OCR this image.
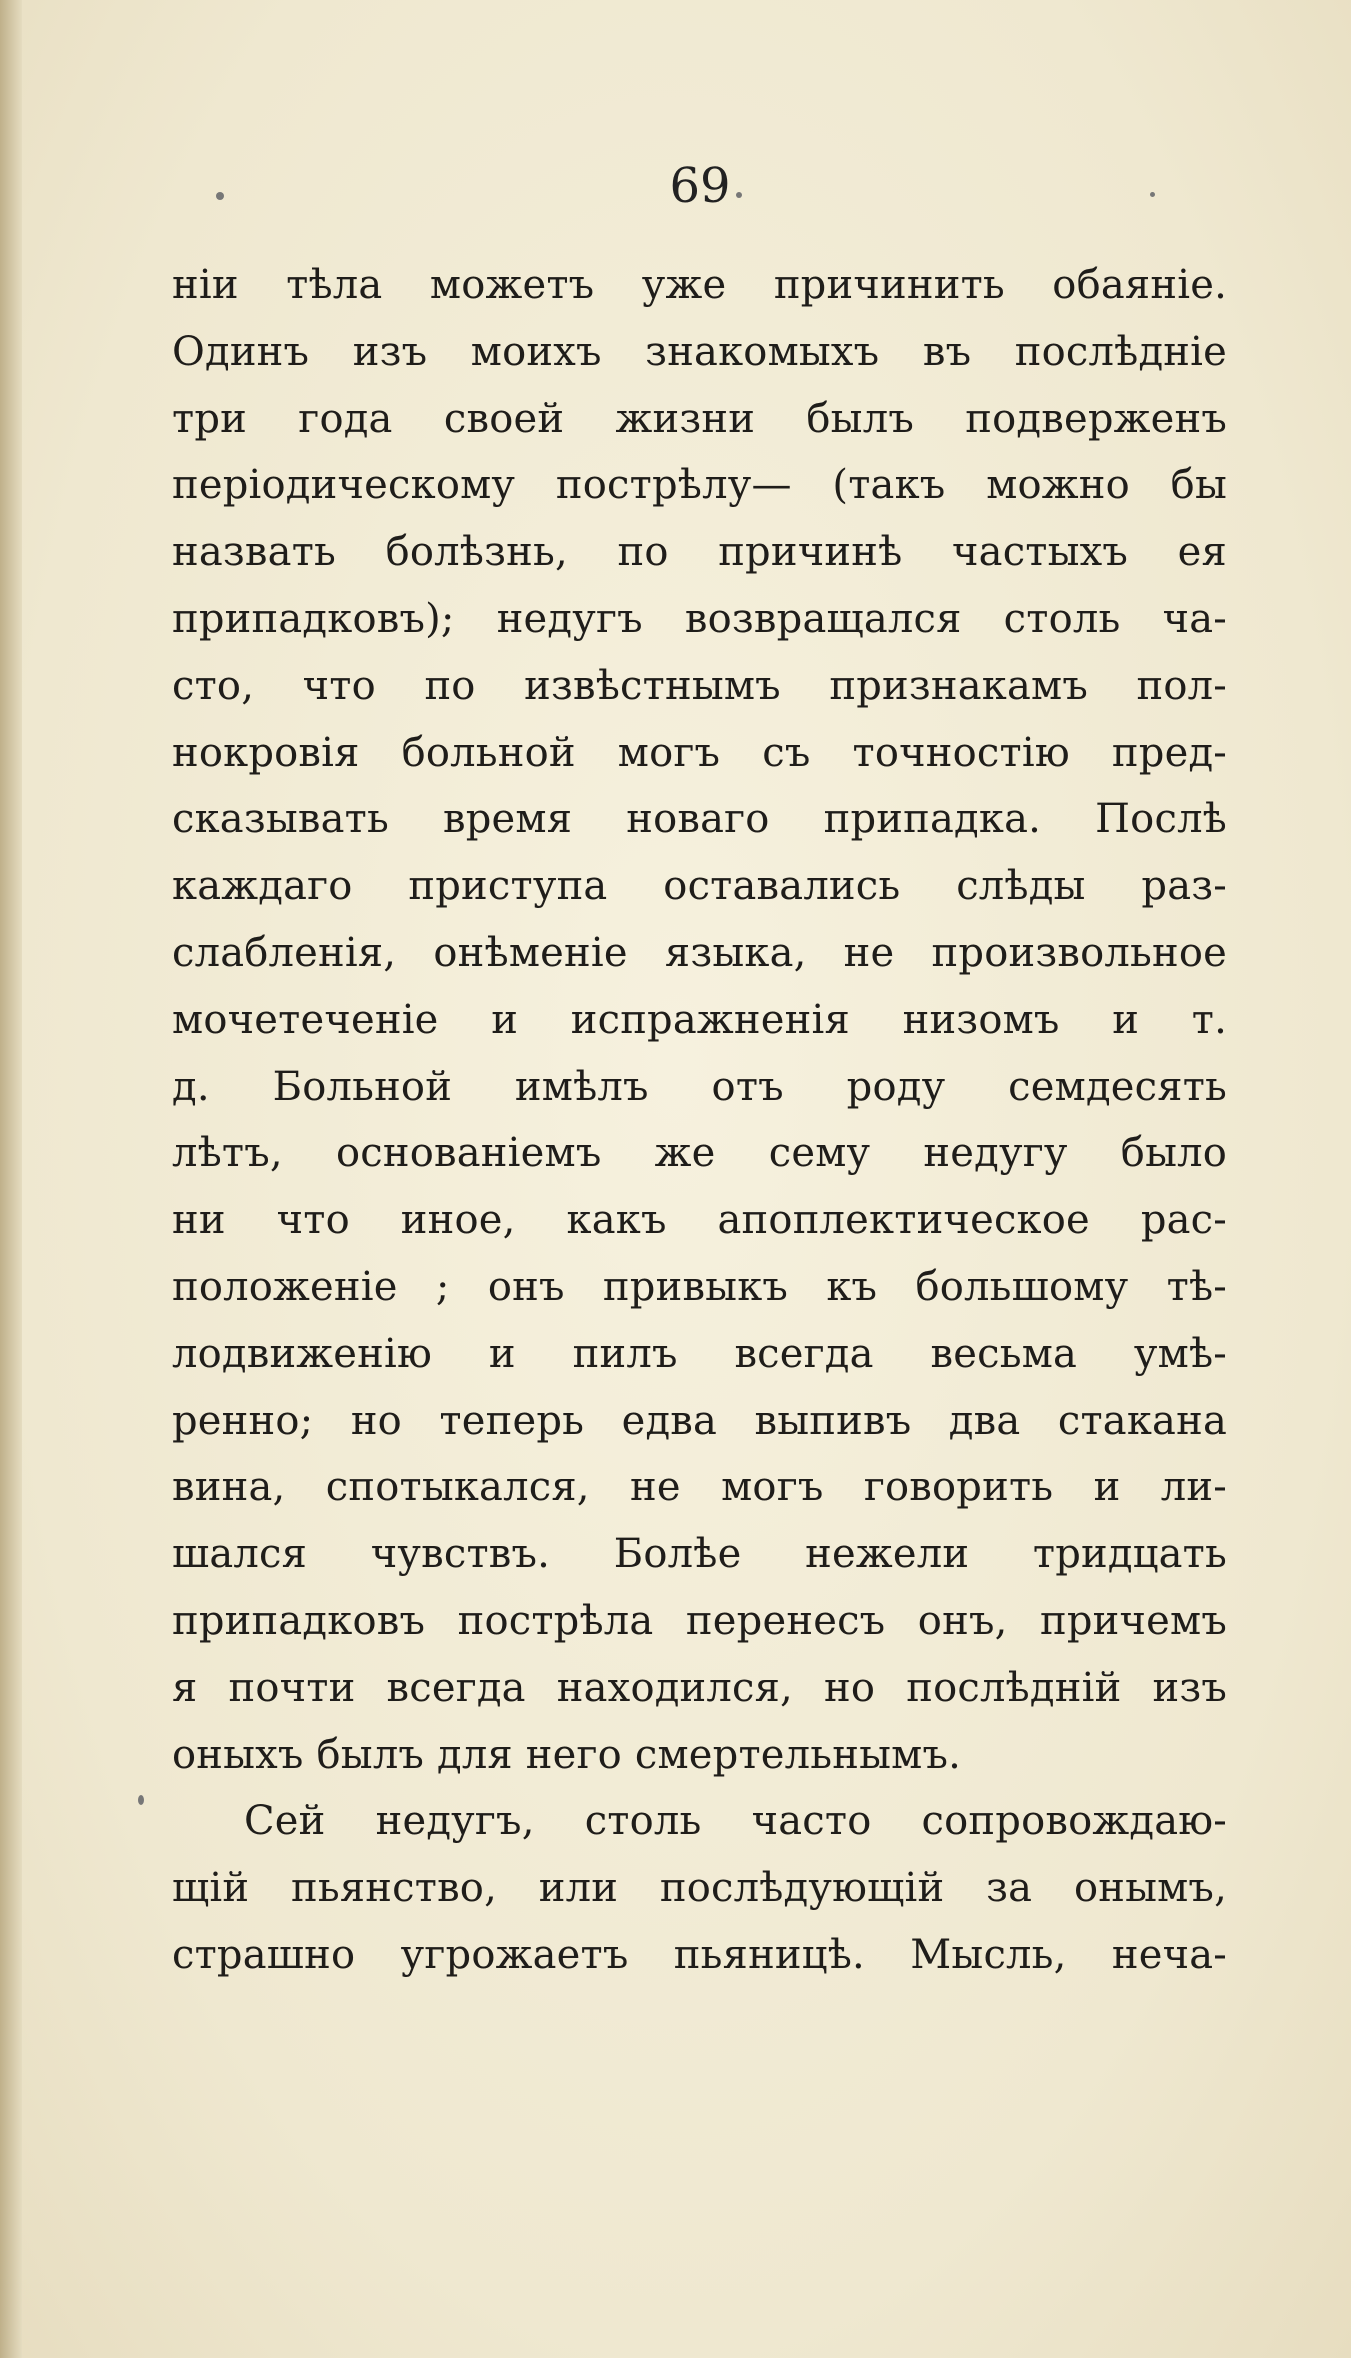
69
нiи тѣла можетъ уже причинить обаянiе.
Одинъ изъ моихъ знакомыхъ въ послѣднiе
три года своей жизни былъ подверженъ
перiодическому пострѣлу— (такъ можно бы
назвать болѣзнь, по причинѣ частыхъ ея
припадковъ); недугъ возвращался столь ча-
сто, что по извѣстнымъ признакамъ пол-
нокровiя больной могъ съ точностiю пред-
сказывать время новаго припадка. Послѣ
каждаго приступа оставались слѣды раз-
слабленiя, онѣменiе языка, не произвольное
мочетеченiе и испражненiя низомъ и т.
д. Больной имѣлъ отъ роду семдесять
лѣтъ, основанiемъ же сему недугу было
ни что иное, какъ апоплектическое рас-
положенiе ; онъ привыкъ къ большому тѣ-
лодвиженiю и пилъ всегда весьма умѣ-
ренно; но теперь едва выпивъ два стакана
вина, спотыкался, не могъ говорить и ли-
шался чувствъ. Болѣе нежели тридцать
припадковъ пострѣла перенесъ онъ, причемъ
я почти всегда находился, но послѣднiй изъ
оныхъ былъ для него смертельнымъ.
Сей недугъ, столь часто сопровождаю-
щiй пьянство, или послѣдующiй за онымъ,
страшно угрожаетъ пьяницѣ. Мысль, неча-
